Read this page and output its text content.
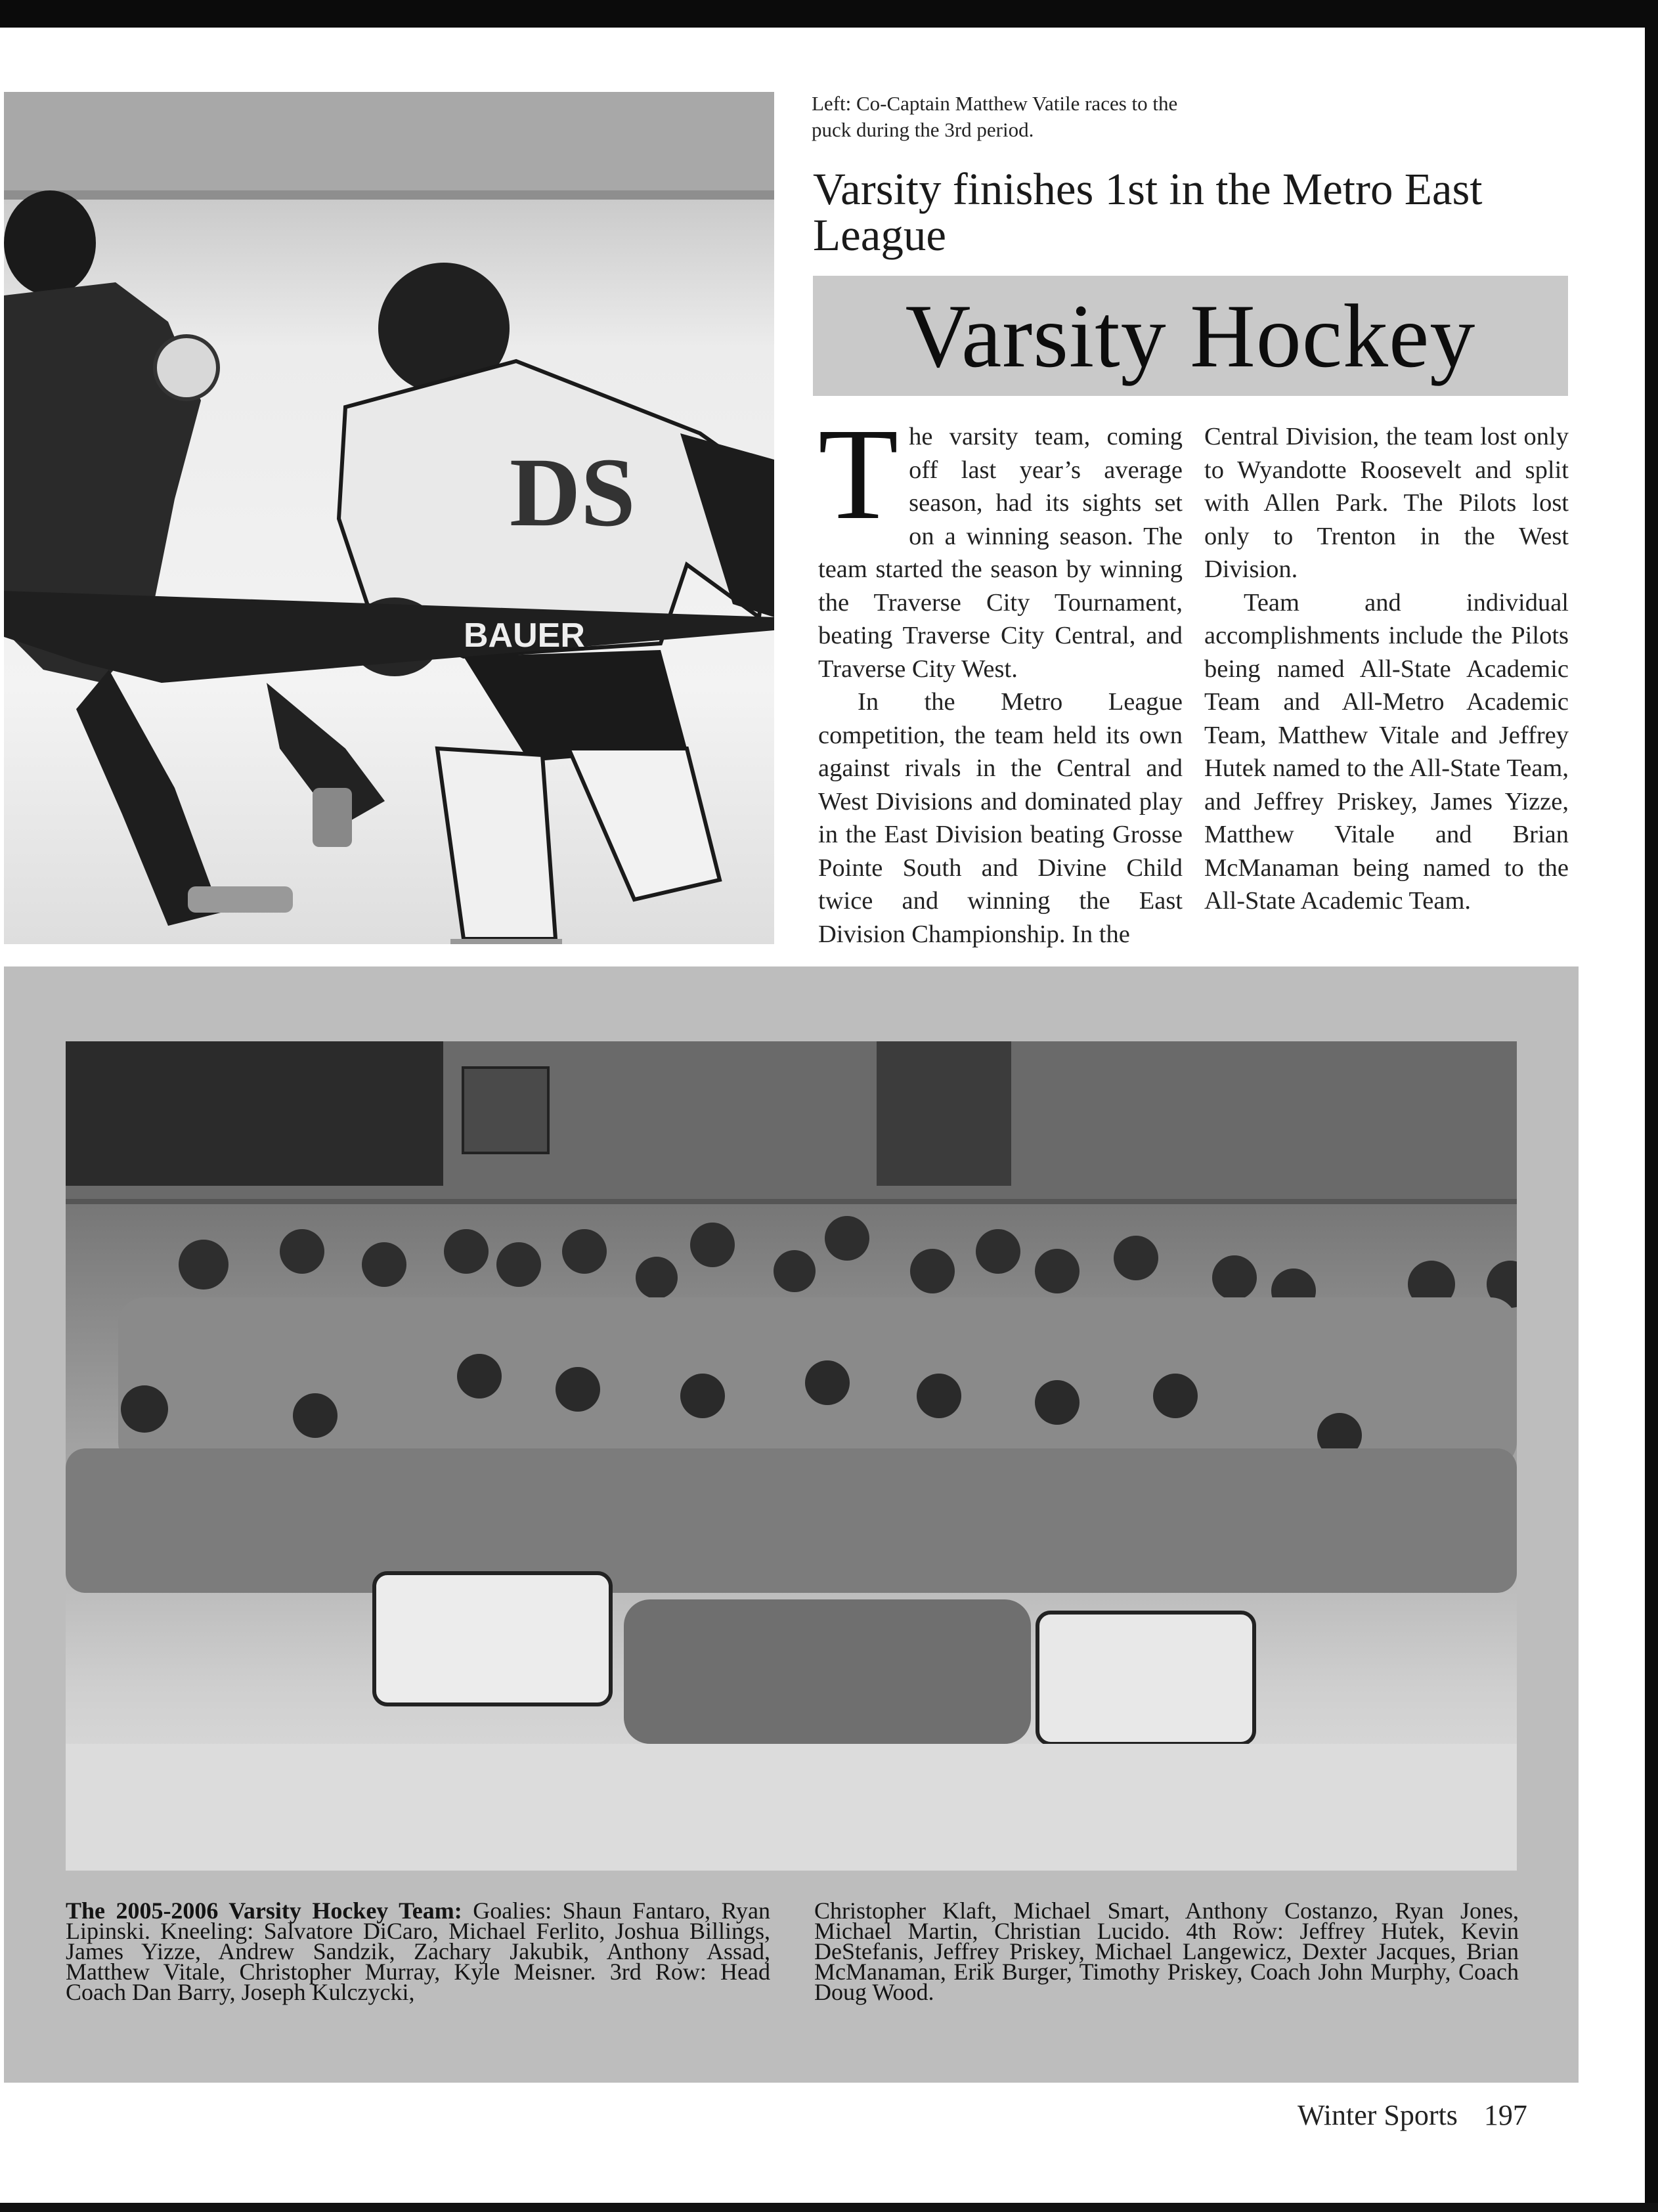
DS
BAUER
Left: Co-Captain Matthew Vatile races to the puck during the 3rd period.
Varsity finishes 1st in the Metro East League
Varsity Hockey

The varsity team, coming off last year’s average season, had its sights set on a winning season. The team started the season by winning the Traverse City Tournament, beating Traverse City Central, and Traverse City West.

In the Metro League competition, the team held its own against rivals in the Central and West Divisions and dominated play in the East Division beating Grosse Pointe South and Divine Child twice and winning the East Division Championship. In the

Central Division, the team lost only to Wyandotte Roosevelt and split with Allen Park. The Pilots lost only to Trenton in the West Division.

Team and individual accomplishments include the Pilots being named All-State Academic Team and All-Metro Academic Team, Matthew Vitale and Jeffrey Hutek named to the All-State Team, and Jeffrey Priskey, James Yizze, Matthew Vitale and Brian McManaman being named to the All-State Academic Team.

The 2005-2006 Varsity Hockey Team: Goalies: Shaun Fantaro, Ryan Lipinski. Kneeling: Salvatore DiCaro, Michael Ferlito, Joshua Billings, James Yizze, Andrew Sandzik, Zachary Jakubik, Anthony Assad, Matthew Vitale, Christopher Murray, Kyle Meisner. 3rd Row: Head Coach Dan Barry, Joseph Kulczycki,
Christopher Klaft, Michael Smart, Anthony Costanzo, Ryan Jones, Michael Martin, Christian Lucido. 4th Row: Jeffrey Hutek, Kevin DeStefanis, Jeffrey Priskey, Michael Langewicz, Dexter Jacques, Brian McManaman, Erik Burger, Timothy Priskey, Coach John Murphy, Coach Doug Wood.
Winter Sports 197
